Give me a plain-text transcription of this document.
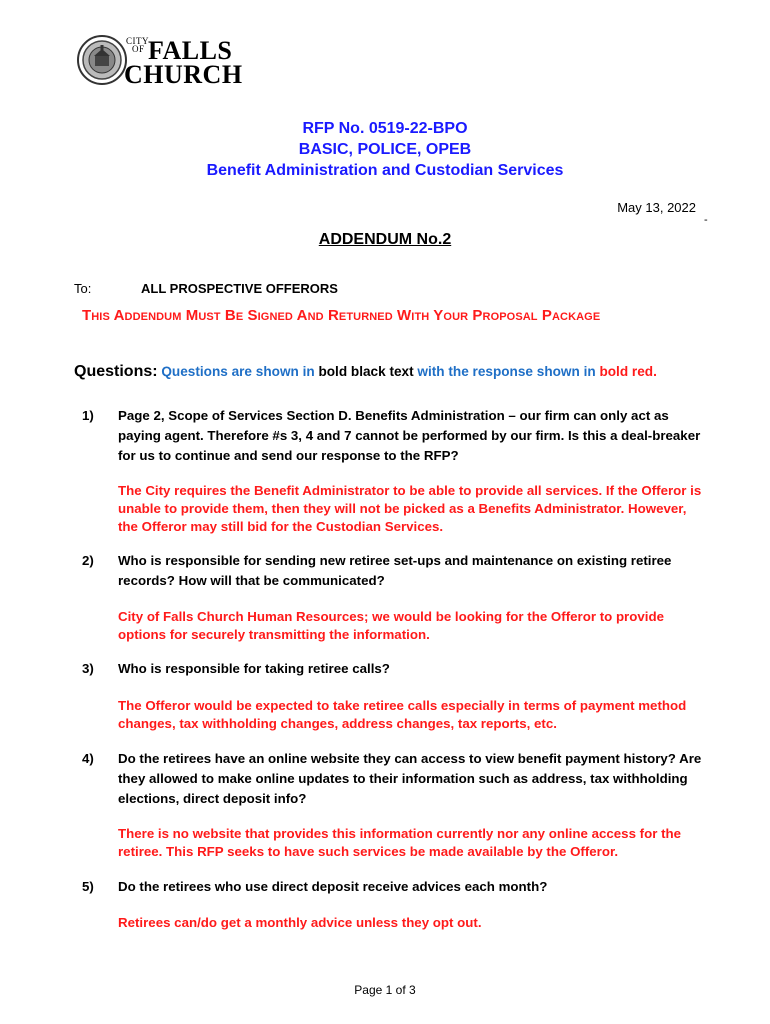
CITY
OF FALLS
CHURCH
RFP No. 0519-22-BPO
BASIC, POLICE, OPEB
Benefit Administration and Custodian Services
May 13, 2022
-
ADDENDUM No.2
To:	ALL PROSPECTIVE OFFERORS
This Addendum Must Be Signed And Returned With Your Proposal Package
Questions: Questions are shown in bold black text with the response shown in bold red.
1) Page 2, Scope of Services Section D. Benefits Administration – our firm can only act as paying agent. Therefore #s 3, 4 and 7 cannot be performed by our firm. Is this a deal-breaker for us to continue and send our response to the RFP?
The City requires the Benefit Administrator to be able to provide all services. If the Offeror is unable to provide them, then they will not be picked as a Benefits Administrator. However, the Offeror may still bid for the Custodian Services.
2) Who is responsible for sending new retiree set-ups and maintenance on existing retiree records? How will that be communicated?
City of Falls Church Human Resources; we would be looking for the Offeror to provide options for securely transmitting the information.
3) Who is responsible for taking retiree calls?
The Offeror would be expected to take retiree calls especially in terms of payment method changes, tax withholding changes, address changes, tax reports, etc.
4) Do the retirees have an online website they can access to view benefit payment history? Are they allowed to make online updates to their information such as address, tax withholding elections, direct deposit info?
There is no website that provides this information currently nor any online access for the retiree. This RFP seeks to have such services be made available by the Offeror.
5) Do the retirees who use direct deposit receive advices each month?
Retirees can/do get a monthly advice unless they opt out.
Page 1 of 3
